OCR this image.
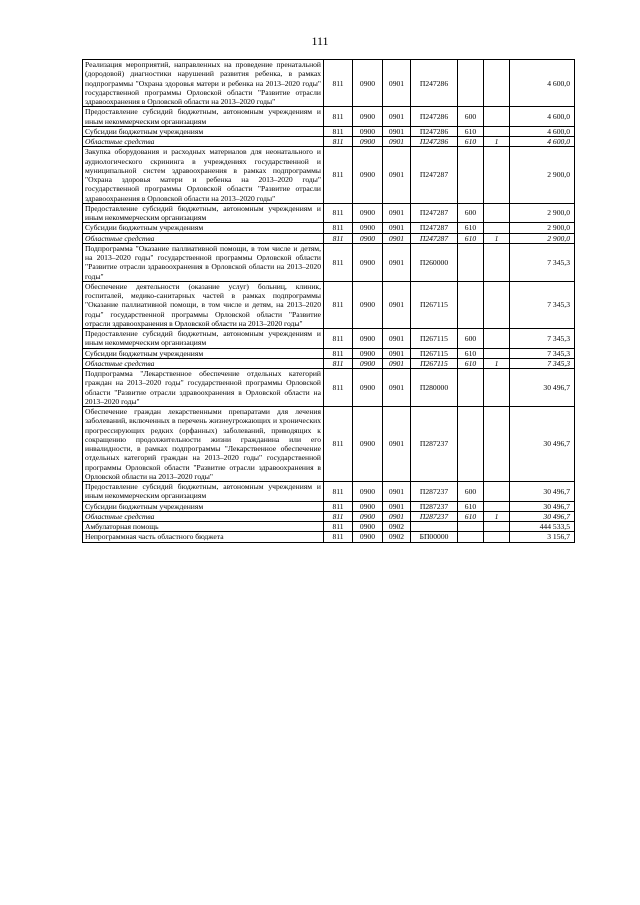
111
Реализация мероприятий, направленных на проведение пренатальной (дородовой) диагностики нарушений развития ребенка, в рамках подпрограммы "Охрана здоровья матери и ребенка на 2013–2020 годы" государственной программы Орловской области "Развитие отрасли здравоохранения в Орловской области на 2013–2020 годы"	811	0900	0901	П247286			4 600,0
Предоставление субсидий бюджетным, автономным учреждениям и иным некоммерческим организациям	811	0900	0901	П247286	600		4 600,0
Субсидии бюджетным учреждениям	811	0900	0901	П247286	610		4 600,0
Областные средства	811	0900	0901	П247286	610	1	4 600,0
Закупка оборудования и расходных материалов для неонатального и аудиологического скрининга в учреждениях государственной и муниципальной систем здравоохранения в рамках подпрограммы "Охрана здоровья матери и ребенка на 2013–2020 годы" государственной программы Орловской области "Развитие отрасли здравоохранения в Орловской области на 2013–2020 годы"	811	0900	0901	П247287			2 900,0
Предоставление субсидий бюджетным, автономным учреждениям и иным некоммерческим организациям	811	0900	0901	П247287	600		2 900,0
Субсидии бюджетным учреждениям	811	0900	0901	П247287	610		2 900,0
Областные средства	811	0900	0901	П247287	610	1	2 900,0
Подпрограмма "Оказание паллиативной помощи, в том числе и детям, на 2013–2020 годы" государственной программы Орловской области "Развитие отрасли здравоохранения в Орловской области на 2013–2020 годы"	811	0900	0901	П260000			7 345,3
Обеспечение деятельности (оказание услуг) больниц, клиник, госпиталей, медико-санитарных частей в рамках подпрограммы "Оказание паллиативной помощи, в том числе и детям, на 2013–2020 годы" государственной программы Орловской области "Развитие отрасли здравоохранения в Орловской области на 2013–2020 годы"	811	0900	0901	П267115			7 345,3
Предоставление субсидий бюджетным, автономным учреждениям и иным некоммерческим организациям	811	0900	0901	П267115	600		7 345,3
Субсидии бюджетным учреждениям	811	0900	0901	П267115	610		7 345,3
Областные средства	811	0900	0901	П267115	610	1	7 345,3
Подпрограмма "Лекарственное обеспечение отдельных категорий граждан на 2013–2020 годы" государственной программы Орловской области "Развитие отрасли здравоохранения в Орловской области на 2013–2020 годы"	811	0900	0901	П280000			30 496,7
Обеспечение граждан лекарственными препаратами для лечения заболеваний, включенных в перечень жизнеугрожающих и хронических прогрессирующих редких (орфанных) заболеваний, приводящих к сокращению продолжительности жизни гражданина или его инвалидности, в рамках подпрограммы "Лекарственное обеспечение отдельных категорий граждан на 2013–2020 годы" государственной программы Орловской области "Развитие отрасли здравоохранения в Орловской области на 2013–2020 годы"	811	0900	0901	П287237			30 496,7
Предоставление субсидий бюджетным, автономным учреждениям и иным некоммерческим организациям	811	0900	0901	П287237	600		30 496,7
Субсидии бюджетным учреждениям	811	0900	0901	П287237	610		30 496,7
Областные средства	811	0900	0901	П287237	610	1	30 496,7
Амбулаторная помощь	811	0900	0902				444 533,5
Непрограммная часть областного бюджета	811	0900	0902	БП00000			3 156,7
